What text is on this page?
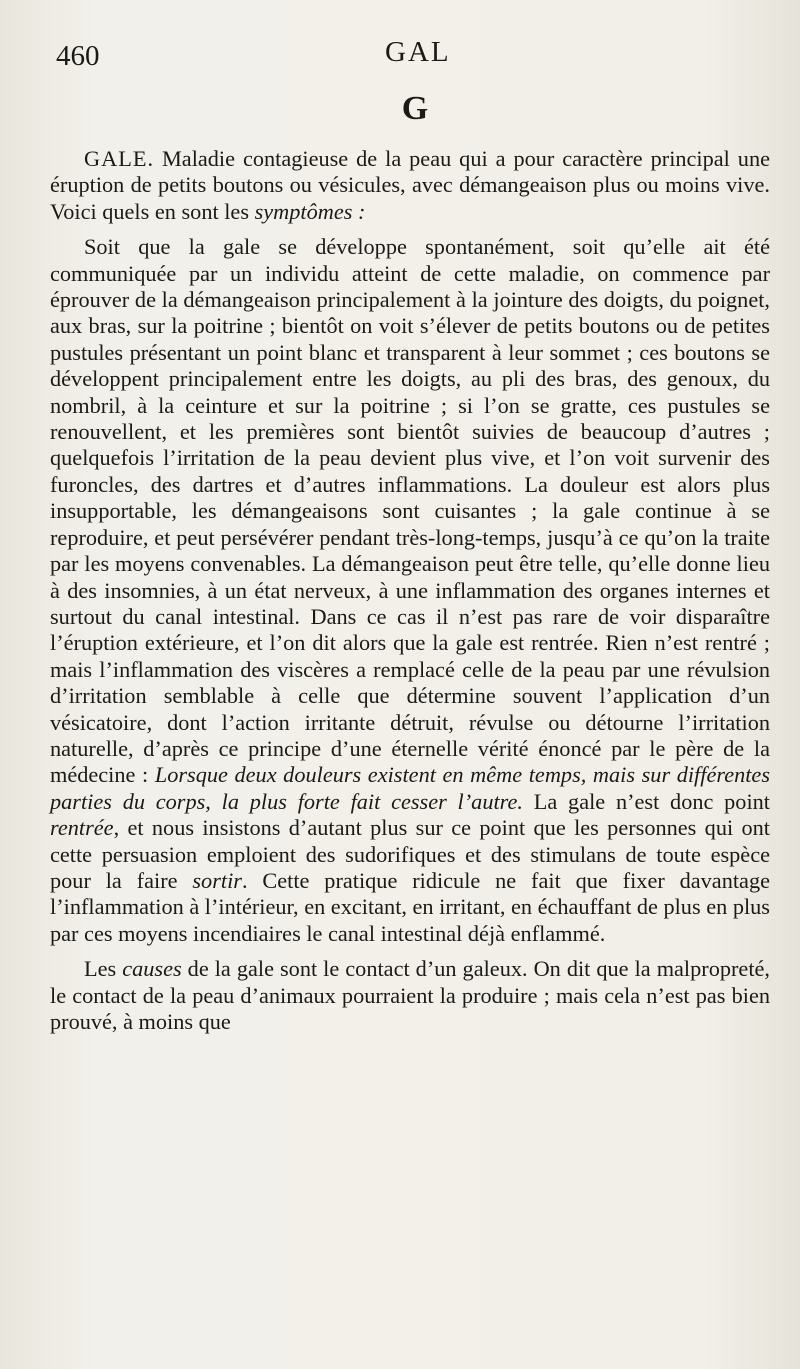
460	GAL
G

GALE. Maladie contagieuse de la peau qui a pour caractère principal une éruption de petits boutons ou vésicules, avec démangeaison plus ou moins vive. Voici quels en sont les symptômes :

Soit que la gale se développe spontanément, soit qu’elle ait été communiquée par un individu atteint de cette maladie, on commence par éprouver de la démangeaison principalement à la jointure des doigts, du poignet, aux bras, sur la poitrine ; bientôt on voit s’élever de petits boutons ou de petites pustules présentant un point blanc et transparent à leur sommet ; ces boutons se développent principalement entre les doigts, au pli des bras, des genoux, du nombril, à la ceinture et sur la poitrine ; si l’on se gratte, ces pustules se renouvellent, et les premières sont bientôt suivies de beaucoup d’autres ; quelquefois l’irritation de la peau devient plus vive, et l’on voit survenir des furoncles, des dartres et d’autres inflammations. La douleur est alors plus insupportable, les démangeaisons sont cuisantes ; la gale continue à se reproduire, et peut persévérer pendant très-long-temps, jusqu’à ce qu’on la traite par les moyens convenables. La démangeaison peut être telle, qu’elle donne lieu à des insomnies, à un état nerveux, à une inflammation des organes internes et surtout du canal intestinal. Dans ce cas il n’est pas rare de voir disparaître l’éruption extérieure, et l’on dit alors que la gale est rentrée. Rien n’est rentré ; mais l’inflammation des viscères a remplacé celle de la peau par une révulsion d’irritation semblable à celle que détermine souvent l’application d’un vésicatoire, dont l’action irritante détruit, révulse ou détourne l’irritation naturelle, d’après ce principe d’une éternelle vérité énoncé par le père de la médecine : Lorsque deux douleurs existent en même temps, mais sur différentes parties du corps, la plus forte fait cesser l’autre. La gale n’est donc point rentrée, et nous insistons d’autant plus sur ce point que les personnes qui ont cette persuasion emploient des sudorifiques et des stimulans de toute espèce pour la faire sortir. Cette pratique ridicule ne fait que fixer davantage l’inflammation à l’intérieur, en excitant, en irritant, en échauffant de plus en plus par ces moyens incendiaires le canal intestinal déjà enflammé.

Les causes de la gale sont le contact d’un galeux. On dit que la malpropreté, le contact de la peau d’animaux pourraient la produire ; mais cela n’est pas bien prouvé, à moins que
